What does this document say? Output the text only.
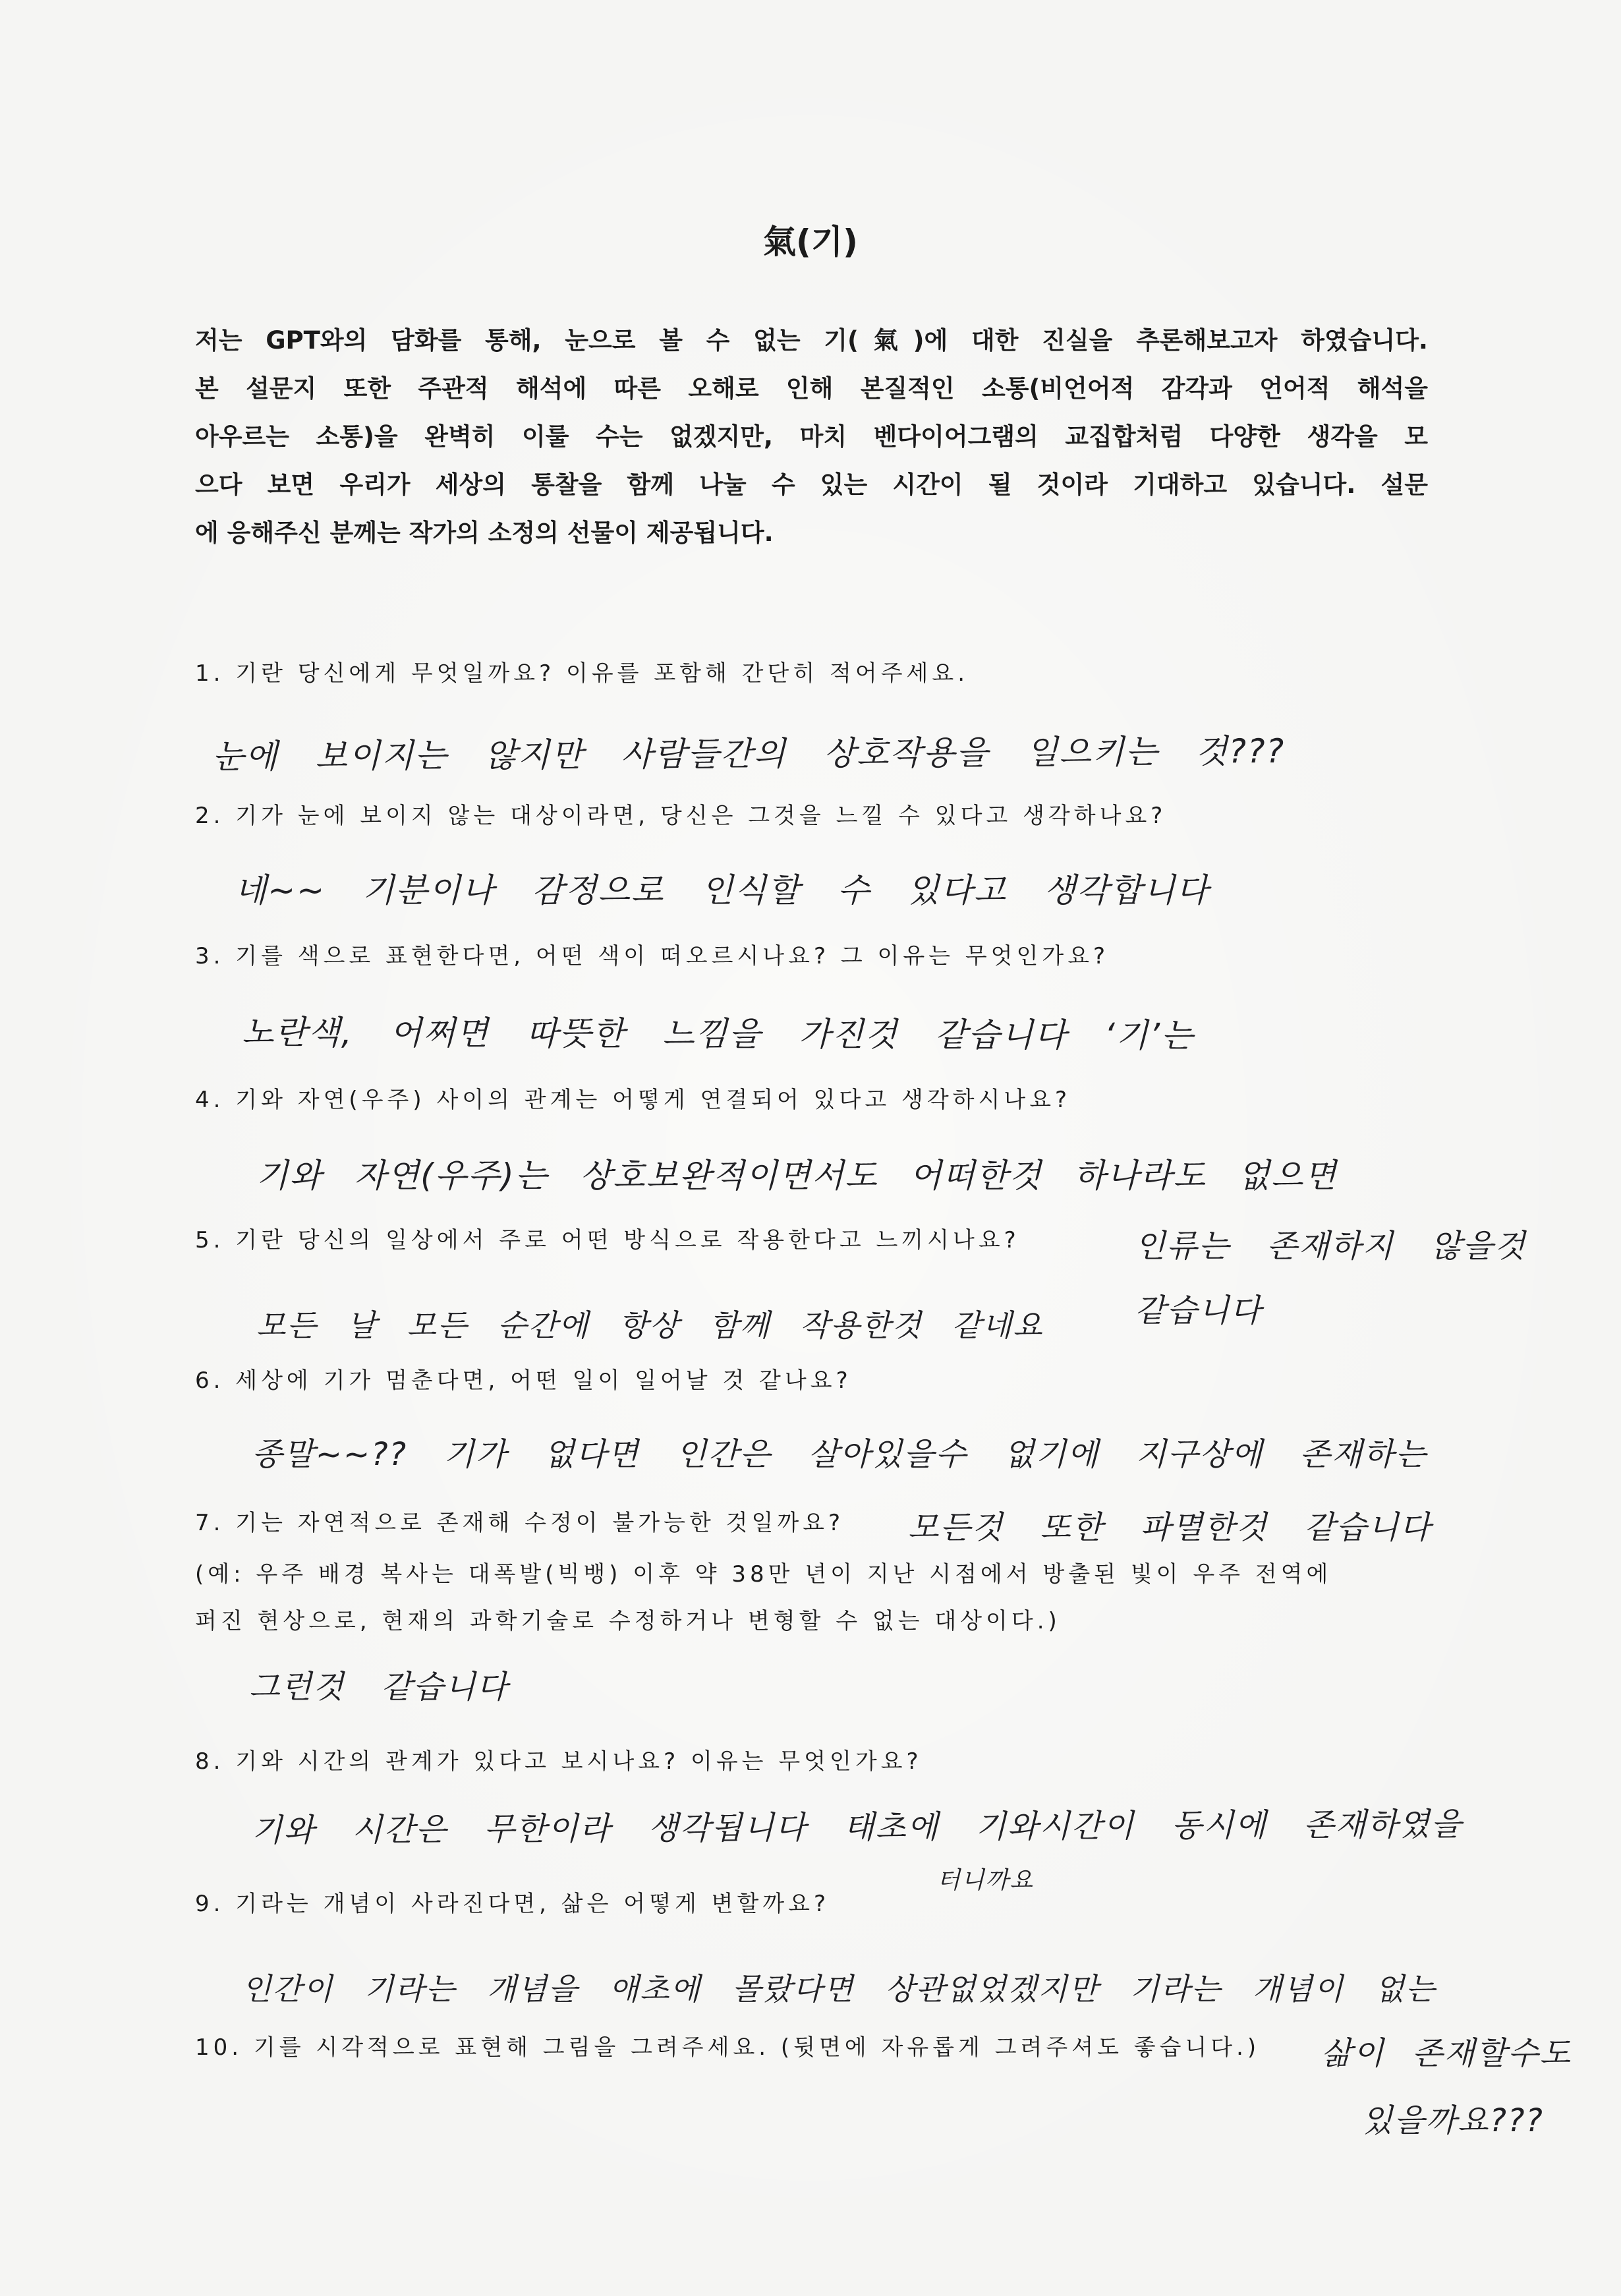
氣(기)
저는 GPT와의 담화를 통해, 눈으로 볼 수 없는 기(氣)에 대한 진실을 추론해보고자 하였습니다.
본 설문지 또한 주관적 해석에 따른 오해로 인해 본질적인 소통(비언어적 감각과 언어적 해석을
아우르는 소통)을 완벽히 이룰 수는 없겠지만, 마치 벤다이어그램의 교집합처럼 다양한 생각을 모
으다 보면 우리가 세상의 통찰을 함께 나눌 수 있는 시간이 될 것이라 기대하고 있습니다. 설문
에 응해주신 분께는 작가의 소정의 선물이 제공됩니다.
1. 기란 당신에게 무엇일까요? 이유를 포함해 간단히 적어주세요.
눈에 보이지는 않지만 사람들간의 상호작용을 일으키는 것???
2. 기가 눈에 보이지 않는 대상이라면, 당신은 그것을 느낄 수 있다고 생각하나요?
네~~ 기분이나 감정으로 인식할 수 있다고 생각합니다
3. 기를 색으로 표현한다면, 어떤 색이 떠오르시나요? 그 이유는 무엇인가요?
노란색, 어쩌면 따뜻한 느낌을 가진것 같습니다 ‘기’는
4. 기와 자연(우주) 사이의 관계는 어떻게 연결되어 있다고 생각하시나요?
기와 자연(우주)는 상호보완적이면서도 어떠한것 하나라도 없으면
인류는 존재하지 않을것
같습니다
5. 기란 당신의 일상에서 주로 어떤 방식으로 작용한다고 느끼시나요?
모든 날 모든 순간에 항상 함께 작용한것 같네요
6. 세상에 기가 멈춘다면, 어떤 일이 일어날 것 같나요?
종말~~?? 기가 없다면 인간은 살아있을수 없기에 지구상에 존재하는
모든것 또한 파멸한것 같습니다
7. 기는 자연적으로 존재해 수정이 불가능한 것일까요?
(예: 우주 배경 복사는 대폭발(빅뱅) 이후 약 38만 년이 지난 시점에서 방출된 빛이 우주 전역에
퍼진 현상으로, 현재의 과학기술로 수정하거나 변형할 수 없는 대상이다.)
그런것 같습니다
8. 기와 시간의 관계가 있다고 보시나요? 이유는 무엇인가요?
기와 시간은 무한이라 생각됩니다 태초에 기와시간이 동시에 존재하였을
터니까요
9. 기라는 개념이 사라진다면, 삶은 어떻게 변할까요?
인간이 기라는 개념을 애초에 몰랐다면 상관없었겠지만 기라는 개념이 없는
10. 기를 시각적으로 표현해 그림을 그려주세요. (뒷면에 자유롭게 그려주셔도 좋습니다.) 삶이 존재할수도
있을까요???
